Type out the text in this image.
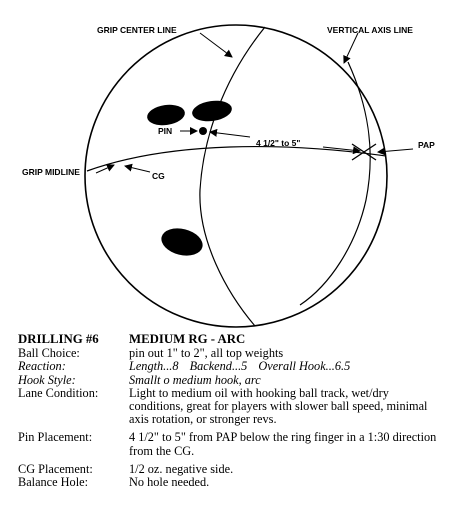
GRIP CENTER LINE	VERTICAL AXIS LINE
PIN
4 1/2" to 5"	PAP
GRIP MIDLINE	CG
DRILLING #6	MEDIUM RG - ARC
Ball Choice:	pin out 1" to 2", all top weights
Reaction:	Length...8 Backend...5 Overall Hook...6.5
Hook Style:	Smallt o medium hook, arc
Lane Condition:	Light to medium oil with hooking ball track, wet/dry conditions, great for players with slower ball speed, minimal axis rotation, or stronger revs.
Pin Placement:	4 1/2" to 5" from PAP below the ring finger in a 1:30 direction from the CG.
CG Placement:	1/2 oz. negative side.
Balance Hole:	No hole needed.
